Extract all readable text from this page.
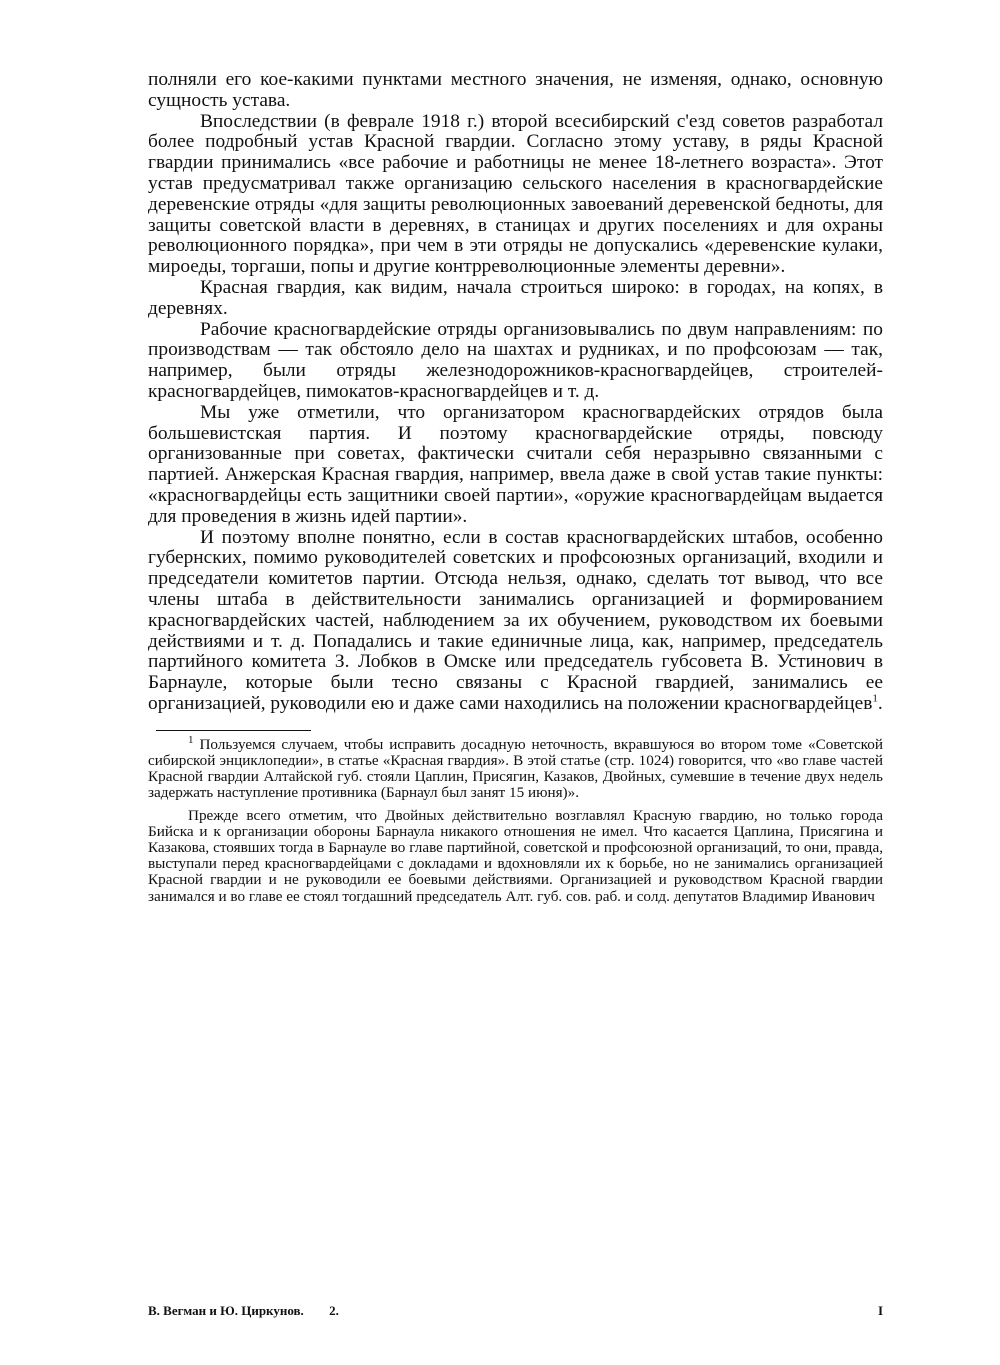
полняли его кое-какими пунктами местного значения, не изменяя, однако, основную сущность устава.

Впоследствии (в феврале 1918 г.) второй всесибирский с'езд советов разработал более подробный устав Красной гвардии. Согласно этому уставу, в ряды Красной гвардии принимались «все рабочие и работницы не менее 18-летнего возраста». Этот устав предусматривал также организацию сельского населения в красногвардейские деревенские отряды «для защиты революционных завоеваний деревенской бедноты, для защиты советской власти в деревнях, в станицах и других поселениях и для охраны революционного порядка», при чем в эти отряды не допускались «деревенские кулаки, мироеды, торгаши, попы и другие контрреволюционные элементы деревни».

Красная гвардия, как видим, начала строиться широко: в городах, на копях, в деревнях.

Рабочие красногвардейские отряды организовывались по двум направлениям: по производствам — так обстояло дело на шахтах и рудниках, и по профсоюзам — так, например, были отряды железнодорожников-красногвардейцев, строителей-красногвардейцев, пимокатов-красногвардейцев и т. д.

Мы уже отметили, что организатором красногвардейских отрядов была большевистская партия. И поэтому красногвардейские отряды, повсюду организованные при советах, фактически считали себя неразрывно связанными с партией. Анжерская Красная гвардия, например, ввела даже в свой устав такие пункты: «красногвардейцы есть защитники своей партии», «оружие красногвардейцам выдается для проведения в жизнь идей партии».

И поэтому вполне понятно, если в состав красногвардейских штабов, особенно губернских, помимо руководителей советских и профсоюзных организаций, входили и председатели комитетов партии. Отсюда нельзя, однако, сделать тот вывод, что все члены штаба в действительности занимались организацией и формированием красногвардейских частей, наблюдением за их обучением, руководством их боевыми действиями и т. д. Попадались и такие единичные лица, как, например, председатель партийного комитета З. Лобков в Омске или председатель губсовета В. Устинович в Барнауле, которые были тесно связаны с Красной гвардией, занимались ее организацией, руководили ею и даже сами находились на положении красногвардейцев$^1$.

$^1$ Пользуемся случаем, чтобы исправить досадную неточность, вкравшуюся во втором томе «Советской сибирской энциклопедии», в статье «Красная гвардия». В этой статье (стр. 1024) говорится, что «во главе частей Красной гвардии Алтайской губ. стояли Цаплин, Присягин, Казаков, Двойных, сумевшие в течение двух недель задержать наступление противника (Барнаул был занят 15 июня)».

Прежде всего отметим, что Двойных действительно возглавлял Красную гвардию, но только города Бийска и к организации обороны Барнаула никакого отношения не имел. Что касается Цаплина, Присягина и Казакова, стоявших тогда в Барнауле во главе партийной, советской и профсоюзной организаций, то они, правда, выступали перед красногвардейцами с докладами и вдохновляли их к борьбе, но не занимались организацией Красной гвардии и не руководили ее боевыми действиями. Организацией и руководством Красной гвардии занимался и во главе ее стоял тогдашний председатель Алт. губ. сов. раб. и солд. депутатов Владимир Иванович

В. Вегман и Ю. Циркунов. 2.	I
